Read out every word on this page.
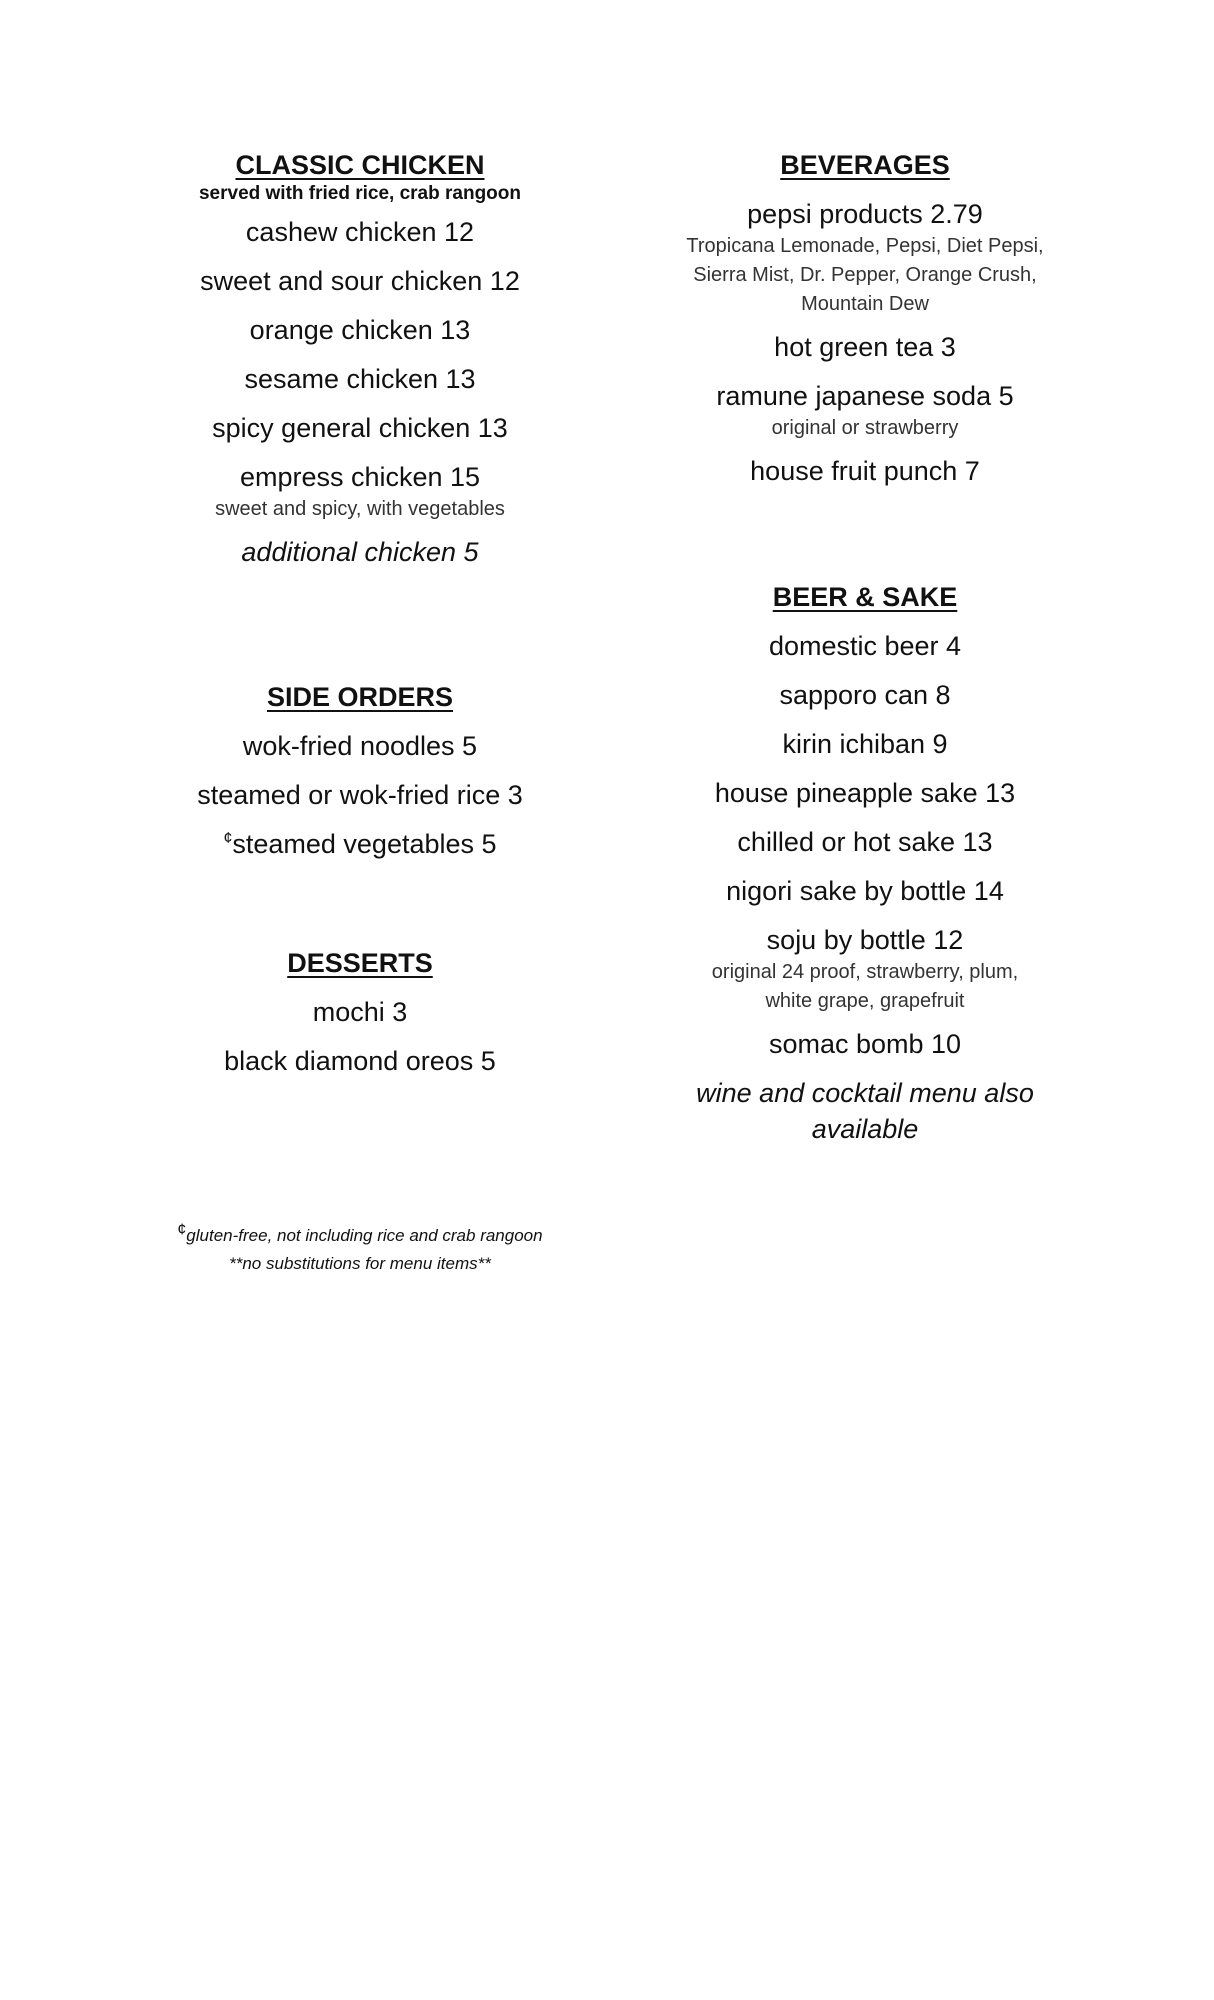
CLASSIC CHICKEN

served with fried rice, crab rangoon

cashew chicken 12

sweet and sour chicken 12

orange chicken 13

sesame chicken 13

spicy general chicken 13

empress chicken 15

sweet and spicy, with vegetables

additional chicken 5

SIDE ORDERS

wok-fried noodles 5

steamed or wok-fried rice 3

¢steamed vegetables 5

DESSERTS

mochi 3

black diamond oreos 5

BEVERAGES

pepsi products 2.79

Tropicana Lemonade, Pepsi, Diet Pepsi,

Sierra Mist, Dr. Pepper, Orange Crush,

Mountain Dew

hot green tea 3

ramune japanese soda 5

original or strawberry

house fruit punch 7

BEER & SAKE

domestic beer 4

sapporo can 8

kirin ichiban 9

house pineapple sake 13

chilled or hot sake 13

nigori sake by bottle 14

soju by bottle 12

original 24 proof, strawberry, plum,

white grape, grapefruit

somac bomb 10

wine and cocktail menu also

available

¢gluten-free, not including rice and crab rangoon
**no substitutions for menu items**
